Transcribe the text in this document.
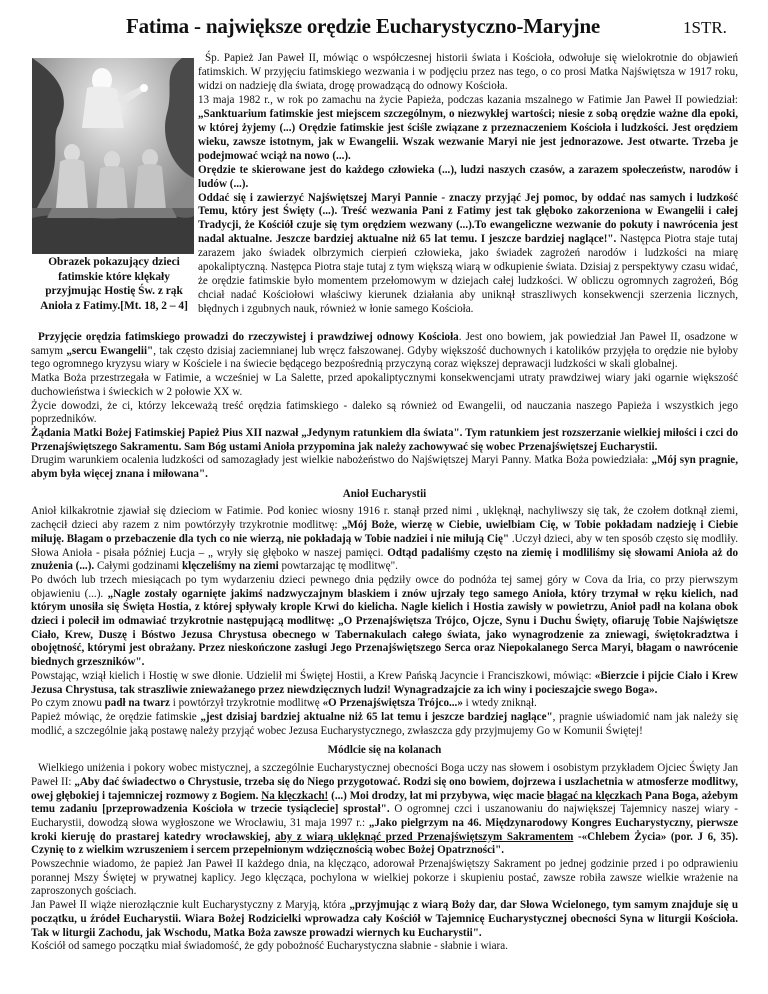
Fatima - największe orędzie Eucharystyczno-Maryjne	1STR.
Obrazek pokazujący dzieci fatimskie które klękały przyjmując Hostię Św. z rąk Anioła z Fatimy.[Mt. 18, 2 – 4]

Śp. Papież Jan Paweł II, mówiąc o współczesnej historii świata i Kościoła, odwołuje się wielokrotnie do objawień fatimskich. W przyjęciu fatimskiego wezwania i w podjęciu przez nas tego, o co prosi Matka Najświętsza w 1917 roku, widzi on nadzieję dla świata, drogę prowadzącą do odnowy Kościoła.

13 maja 1982 r., w rok po zamachu na życie Papieża, podczas kazania mszalnego w Fatimie Jan Paweł II powiedział: „Sanktuarium fatimskie jest miejscem szczególnym, o niezwykłej wartości; niesie z sobą orędzie ważne dla epoki, w której żyjemy (...) Orędzie fatimskie jest ściśle związane z przeznaczeniem Kościoła i ludzkości. Jest orędziem wieku, zawsze istotnym, jak w Ewangelii. Wszak wezwanie Maryi nie jest jednorazowe. Jest otwarte. Trzeba je podejmować wciąż na nowo (...).

Orędzie te skierowane jest do każdego człowieka (...), ludzi naszych czasów, a zarazem społeczeństw, narodów i ludów (...).

Oddać się i zawierzyć Najświętszej Maryi Pannie - znaczy przyjąć Jej pomoc, by oddać nas samych i ludzkość Temu, który jest Święty (...). Treść wezwania Pani z Fatimy jest tak głęboko zakorzeniona w Ewangelii i całej Tradycji, że Kościół czuje się tym orędziem wezwany (...).To ewangeliczne wezwanie do pokuty i nawrócenia jest nadal aktualne. Jeszcze bardziej aktualne niż 65 lat temu. I jeszcze bardziej naglące!". Następca Piotra staje tutaj zarazem jako świadek olbrzymich cierpień człowieka, jako świadek zagrożeń narodów i ludzkości na miarę apokaliptyczną. Następca Piotra staje tutaj z tym większą wiarą w odkupienie świata. Dzisiaj z perspektywy czasu widać, że orędzie fatimskie było momentem przełomowym w dziejach całej ludzkości. W obliczu ogromnych zagrożeń, Bóg chciał nadać Kościołowi właściwy kierunek działania aby uniknął straszliwych konsekwencji szerzenia licznych, błędnych i zgubnych nauk, również w łonie samego Kościoła.

Przyjęcie orędzia fatimskiego prowadzi do rzeczywistej i prawdziwej odnowy Kościoła. Jest ono bowiem, jak powiedział Jan Paweł II, osadzone w samym „sercu Ewangelii", tak często dzisiaj zaciemnianej lub wręcz fałszowanej. Gdyby większość duchownych i katolików przyjęła to orędzie nie byłoby tego ogromnego kryzysu wiary w Kościele i na świecie będącego bezpośrednią przyczyną coraz większej deprawacji ludzkości w skali globalnej.

Matka Boża przestrzegała w Fatimie, a wcześniej w La Salette, przed apokaliptycznymi konsekwencjami utraty prawdziwej wiary jaki ogarnie większość duchowieństwa i świeckich w 2 połowie XX w.

Życie dowodzi, że ci, którzy lekceważą treść orędzia fatimskiego - daleko są również od Ewangelii, od nauczania naszego Papieża i wszystkich jego poprzedników.

Żądania Matki Bożej Fatimskiej Papież Pius XII nazwał „Jedynym ratunkiem dla świata". Tym ratunkiem jest rozszerzanie wielkiej miłości i czci do Przenajświętszego Sakramentu. Sam Bóg ustami Anioła przypomina jak należy zachowywać się wobec Przenajświętszej Eucharystii.

Drugim warunkiem ocalenia ludzkości od samozagłady jest wielkie nabożeństwo do Najświętszej Maryi Panny. Matka Boża powiedziała: „Mój syn pragnie, abym była więcej znana i miłowana".

Anioł Eucharystii

Anioł kilkakrotnie zjawiał się dzieciom w Fatimie. Pod koniec wiosny 1916 r. stanął przed nimi , uklęknął, nachyliwszy się tak, że czołem dotknął ziemi, zachęcił dzieci aby razem z nim powtórzyły trzykrotnie modlitwę: „Mój Boże, wierzę w Ciebie, uwielbiam Cię, w Tobie pokładam nadzieję i Ciebie miłuję. Błagam o przebaczenie dla tych co nie wierzą, nie pokładają w Tobie nadziei i nie miłują Cię" .Uczył dzieci, aby w ten sposób często się modliły. Słowa Anioła - pisała później Łucja – „ wryły się głęboko w naszej pamięci. Odtąd padaliśmy często na ziemię i modliliśmy się słowami Anioła aż do znużenia (...). Całymi godzinami klęczeliśmy na ziemi powtarzając tę modlitwę".

Po dwóch lub trzech miesiącach po tym wydarzeniu dzieci pewnego dnia pędziły owce do podnóża tej samej góry w Cova da Iria, co przy pierwszym objawieniu (...). „Nagle zostały ogarnięte jakimś nadzwyczajnym blaskiem i znów ujrzały tego samego Anioła, który trzymał w ręku kielich, nad którym unosiła się Święta Hostia, z której spływały krople Krwi do kielicha. Nagle kielich i Hostia zawisły w powietrzu, Anioł padł na kolana obok dzieci i polecił im odmawiać trzykrotnie następującą modlitwę: „O Przenajświętsza Trójco, Ojcze, Synu i Duchu Święty, ofiaruję Tobie Najświętsze Ciało, Krew, Duszę i Bóstwo Jezusa Chrystusa obecnego w Tabernakulach całego świata, jako wynagrodzenie za zniewagi, świętokradztwa i obojętność, którymi jest obrażany. Przez nieskończone zasługi Jego Przenajświętszego Serca oraz Niepokalanego Serca Maryi, błagam o nawrócenie biednych grzeszników".

Powstając, wziął kielich i Hostię w swe dłonie. Udzielił mi Świętej Hostii, a Krew Pańską Jacyncie i Franciszkowi, mówiąc: «Bierzcie i pijcie Ciało i Krew Jezusa Chrystusa, tak straszliwie znieważanego przez niewdzięcznych ludzi! Wynagradzajcie za ich winy i pocieszajcie swego Boga».

Po czym znowu padł na twarz i powtórzył trzykrotnie modlitwę «O Przenajświętsza Trójco...» i wtedy zniknął.

Papież mówiąc, że orędzie fatimskie „jest dzisiaj bardziej aktualne niż 65 lat temu i jeszcze bardziej naglące", pragnie uświadomić nam jak należy się modlić, a szczególnie jaką postawę należy przyjąć wobec Jezusa Eucharystycznego, zwłaszcza gdy przyjmujemy Go w Komunii Świętej!

Módlcie się na kolanach

Wielkiego uniżenia i pokory wobec mistycznej, a szczególnie Eucharystycznej obecności Boga uczy nas słowem i osobistym przykładem Ojciec Święty Jan Paweł II: „Aby dać świadectwo o Chrystusie, trzeba się do Niego przygotować. Rodzi się ono bowiem, dojrzewa i uszlachetnia w atmosferze modlitwy, owej głębokiej i tajemniczej rozmowy z Bogiem. Na klęczkach! (...) Moi drodzy, łat mi przybywa, więc macie błagać na klęczkach Pana Boga, ażebym temu zadaniu [przeprowadzenia Kościoła w trzecie tysiąclecie] sprostał". O ogromnej czci i uszanowaniu do największej Tajemnicy naszej wiary - Eucharystii, dowodzą słowa wygłoszone we Wrocławiu, 31 maja 1997 r.: „Jako pielgrzym na 46. Międzynarodowy Kongres Eucharystyczny, pierwsze kroki kieruję do prastarej katedry wrocławskiej, aby z wiarą uklęknąć przed Przenajświętszym Sakramentem -«Chlebem Życia» (por. J 6, 35). Czynię to z wielkim wzruszeniem i sercem przepełnionym wdzięcznością wobec Bożej Opatrzności".

Powszechnie wiadomo, że papież Jan Paweł II każdego dnia, na klęcząco, adorował Przenajświętszy Sakrament po jednej godzinie przed i po odprawieniu porannej Mszy Świętej w prywatnej kaplicy. Jego klęcząca, pochylona w wielkiej pokorze i skupieniu postać, zawsze robiła zawsze wielkie wrażenie na zaproszonych gościach.

Jan Paweł II wiąże nierozłącznie kult Eucharystyczny z Maryją, która „przyjmując z wiarą Boży dar, dar Słowa Wcielonego, tym samym znajduje się u początku, u źródeł Eucharystii. Wiara Bożej Rodzicielki wprowadza cały Kościół w Tajemnicę Eucharystycznej obecności Syna w liturgii Kościoła. Tak w liturgii Zachodu, jak Wschodu, Matka Boża zawsze prowadzi wiernych ku Eucharystii".

Kościół od samego początku miał świadomość, że gdy pobożność Eucharystyczna słabnie - słabnie i wiara.
